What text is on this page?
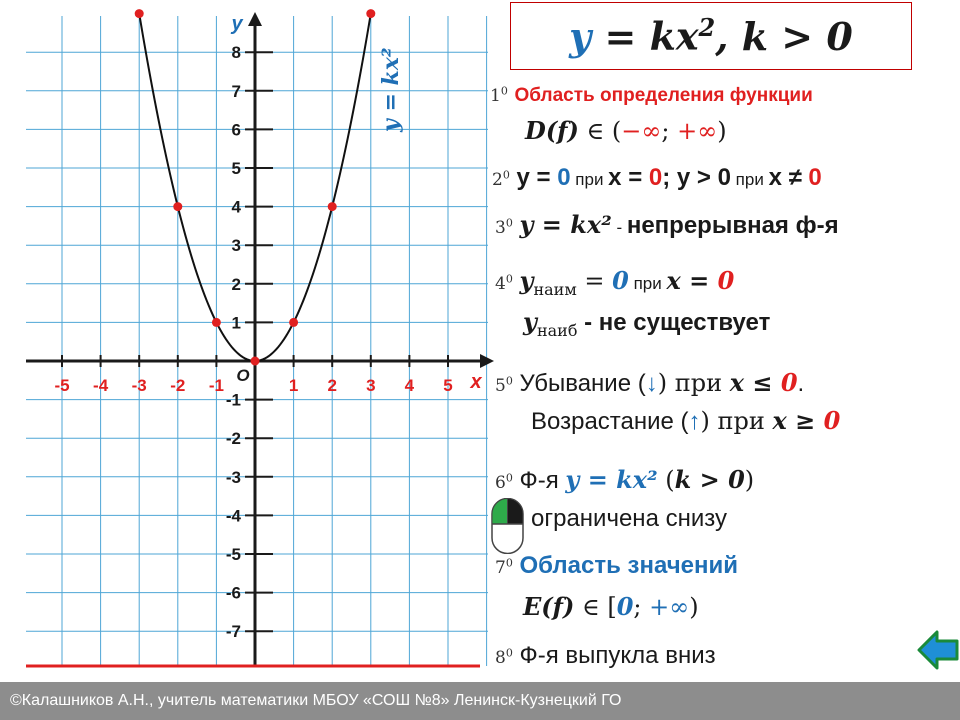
-5 -4 -3 -2 -1	1 2 3 4 5
8
7
6
5
4
3
2
1
-1
-2
-3
-4
-5
-6
-7
y
x
O
y = kx²
y
=
$kx^2$ ,
k
>
0
$1^0$ Область определения функции
D(f) ∈ (−∞; +∞)
$2^0$ y = 0 при x = 0; y > 0 при x ≠ 0
$3^0$ y = kx² - непрерывная ф-я
$4^0$ $y_{наим} = 0$ при x = 0
$y_{наиб}$ - не существует
$5^0$ Убывание (↓) при x ≤ 0.
Возрастание (↑) при x ≥ 0
$6^0$ Ф-я y = kx² (k > 0)
ограничена снизу
$7^0$ Область значений
E(f) ∈ [0; +∞)
$8^0$ Ф-я выпукла вниз
©Калашников А.Н., учитель математики МБОУ «СОШ №8» Ленинск-Кузнецкий ГО
